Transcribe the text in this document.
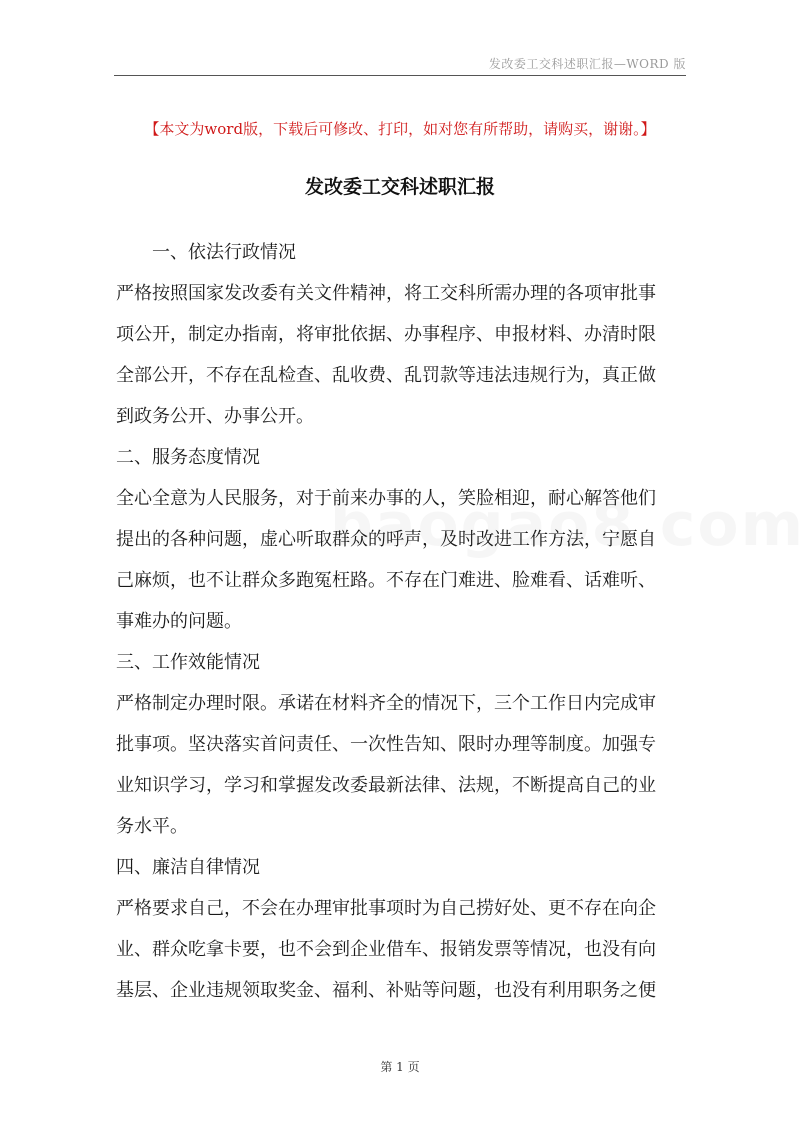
发改委工交科述职汇报—WORD 版
【本文为word版，下载后可修改、打印，如对您有所帮助，请购买，谢谢。】
发改委工交科述职汇报

一、依法行政情况

严格按照国家发改委有关文件精神，将工交科所需办理的各项审批事

项公开，制定办指南，将审批依据、办事程序、申报材料、办清时限

全部公开，不存在乱检查、乱收费、乱罚款等违法违规行为，真正做

到政务公开、办事公开。

二、服务态度情况

全心全意为人民服务，对于前来办事的人，笑脸相迎，耐心解答他们

提出的各种问题，虚心听取群众的呼声，及时改进工作方法，宁愿自

己麻烦，也不让群众多跑冤枉路。不存在门难进、脸难看、话难听、

事难办的问题。

三、工作效能情况

严格制定办理时限。承诺在材料齐全的情况下，三个工作日内完成审

批事项。坚决落实首问责任、一次性告知、限时办理等制度。加强专

业知识学习，学习和掌握发改委最新法律、法规，不断提高自己的业

务水平。

四、廉洁自律情况

严格要求自己，不会在办理审批事项时为自己捞好处、更不存在向企

业、群众吃拿卡要，也不会到企业借车、报销发票等情况，也没有向

基层、企业违规领取奖金、福利、补贴等问题，也没有利用职务之便

第 1 页
